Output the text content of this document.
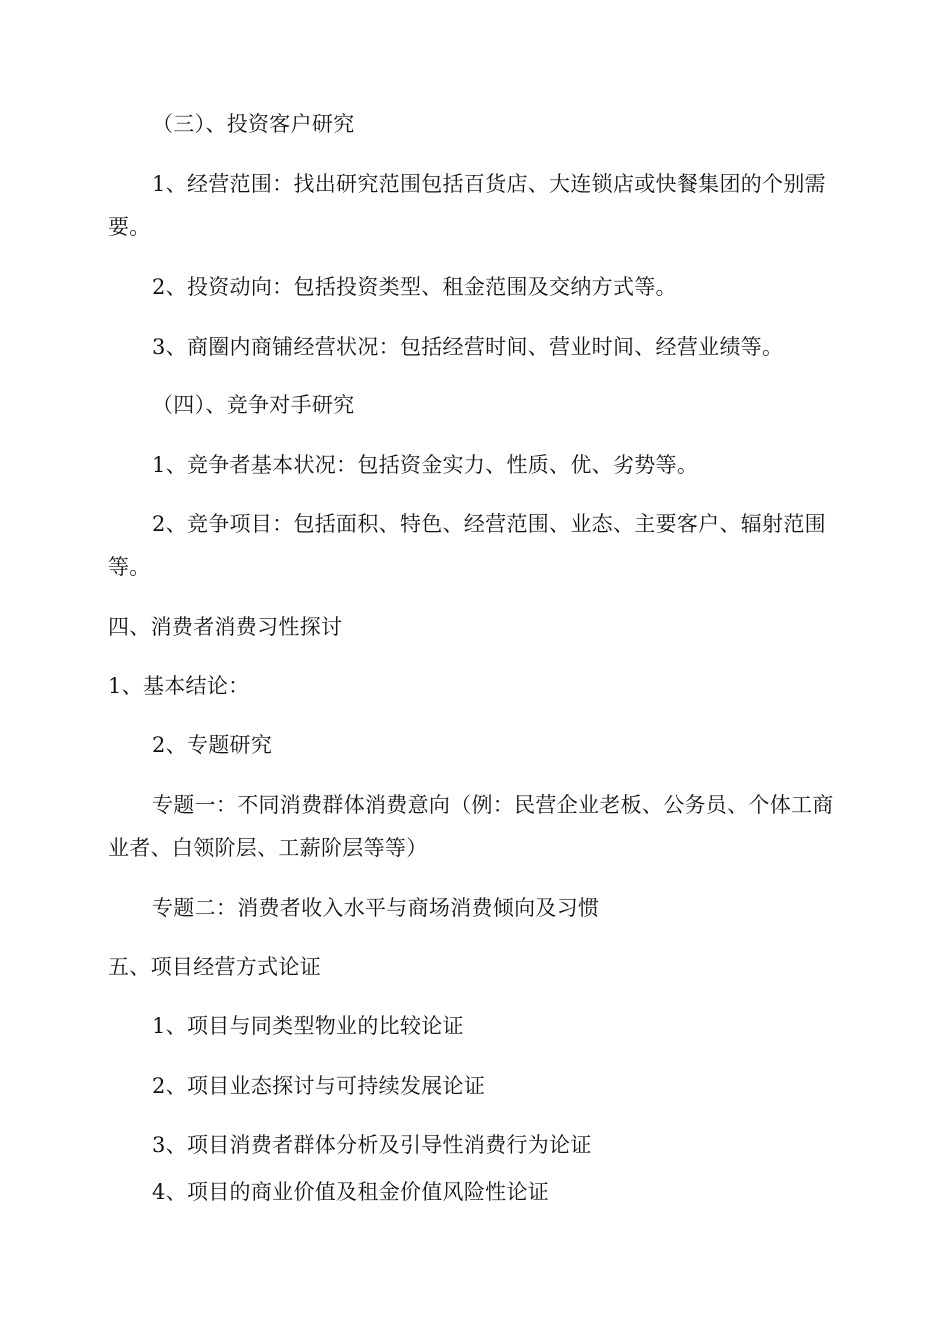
（三）、投资客户研究
1、经营范围：找出研究范围包括百货店、大连锁店或快餐集团的个别需要。
2、投资动向：包括投资类型、租金范围及交纳方式等。
3、商圈内商铺经营状况：包括经营时间、营业时间、经营业绩等。
（四）、竞争对手研究
1、竞争者基本状况：包括资金实力、性质、优、劣势等。
2、竞争项目：包括面积、特色、经营范围、业态、主要客户、辐射范围等。
四、消费者消费习性探讨
1、基本结论：
2、专题研究
专题一：不同消费群体消费意向（例：民营企业老板、公务员、个体工商业者、白领阶层、工薪阶层等等）
专题二：消费者收入水平与商场消费倾向及习惯
五、项目经营方式论证
1、项目与同类型物业的比较论证
2、项目业态探讨与可持续发展论证
3、项目消费者群体分析及引导性消费行为论证
4、项目的商业价值及租金价值风险性论证
